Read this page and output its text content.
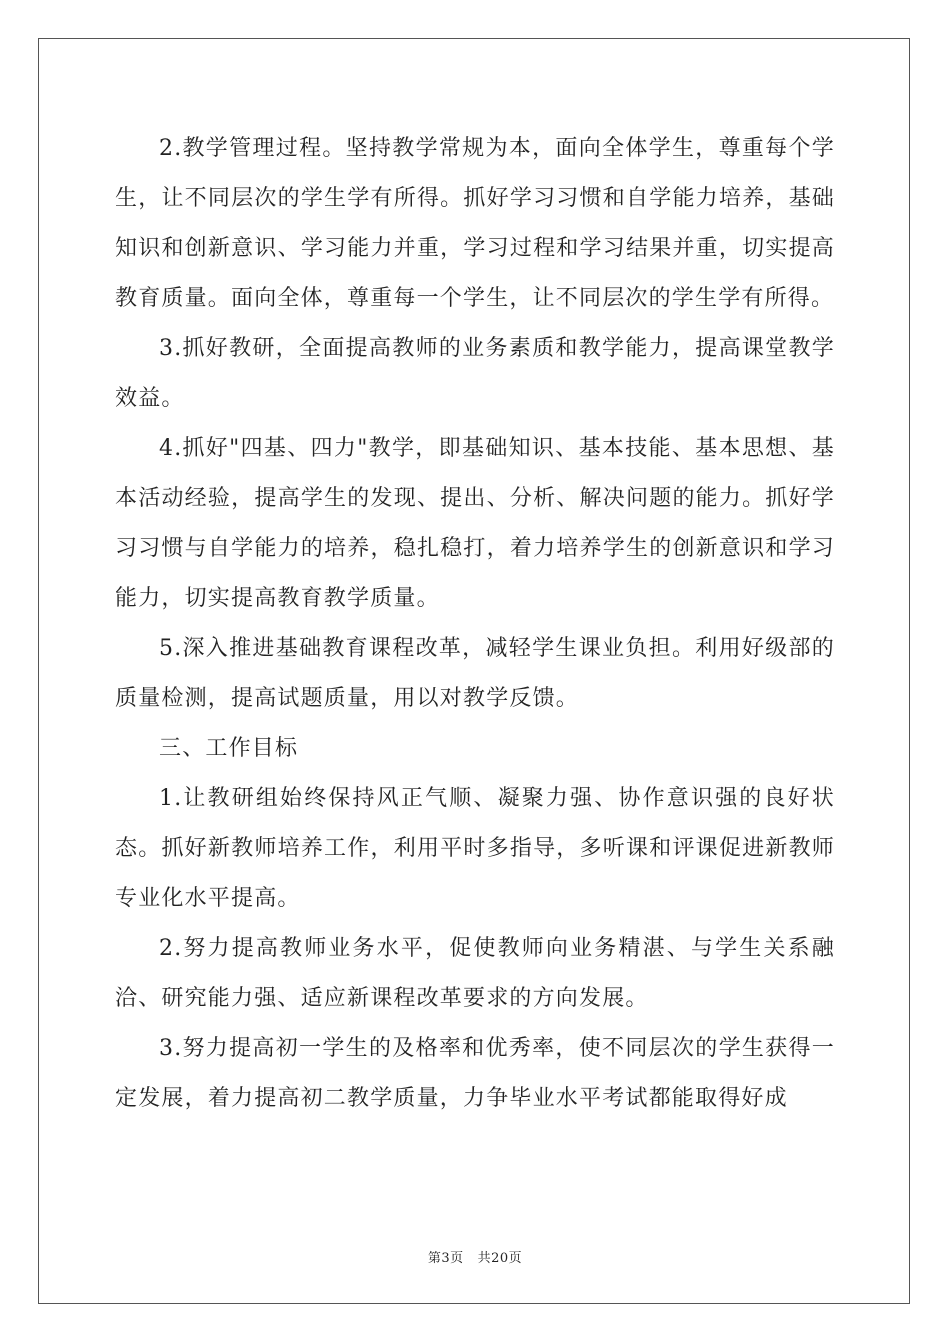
2.教学管理过程。坚持教学常规为本，面向全体学生，尊重每个学生，让不同层次的学生学有所得。抓好学习习惯和自学能力培养，基础知识和创新意识、学习能力并重，学习过程和学习结果并重，切实提高教育质量。面向全体，尊重每一个学生，让不同层次的学生学有所得。

3.抓好教研，全面提高教师的业务素质和教学能力，提高课堂教学效益。

4.抓好"四基、四力"教学，即基础知识、基本技能、基本思想、基本活动经验，提高学生的发现、提出、分析、解决问题的能力。抓好学习习惯与自学能力的培养，稳扎稳打，着力培养学生的创新意识和学习能力，切实提高教育教学质量。

5.深入推进基础教育课程改革，减轻学生课业负担。利用好级部的质量检测，提高试题质量，用以对教学反馈。

三、工作目标

1.让教研组始终保持风正气顺、凝聚力强、协作意识强的良好状态。抓好新教师培养工作，利用平时多指导，多听课和评课促进新教师专业化水平提高。

2.努力提高教师业务水平，促使教师向业务精湛、与学生关系融洽、研究能力强、适应新课程改革要求的方向发展。

3.努力提高初一学生的及格率和优秀率，使不同层次的学生获得一定发展，着力提高初二教学质量，力争毕业水平考试都能取得好成

第3页 共20页
